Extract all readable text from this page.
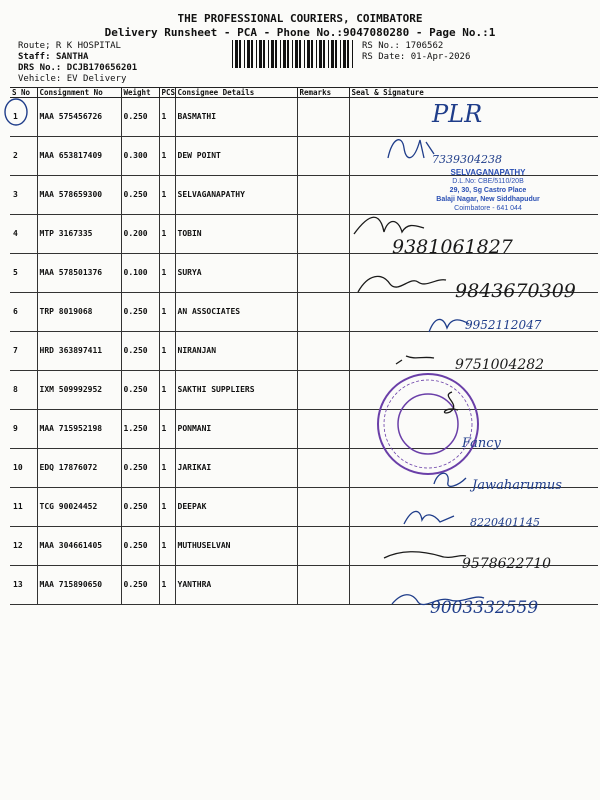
THE PROFESSIONAL COURIERS, COIMBATORE
Delivery Runsheet - PCA - Phone No.:9047080280 - Page No.:1
Route; R K HOSPITAL
Staff: SANTHA
DRS No.: DCJB170656201
Vehicle: EV Delivery
RS No.: 1706562
RS Date: 01-Apr-2026
S No	Consignment No	Weight	PCS	Consignee Details	Remarks	Seal & Signature
1	MAA 575456726	0.250	1	BASMATHI		
2	MAA 653817409	0.300	1	DEW POINT		
3	MAA 578659300	0.250	1	SELVAGANAPATHY		
4	MTP 3167335	0.200	1	TOBIN		
5	MAA 578501376	0.100	1	SURYA		
6	TRP 8019068	0.250	1	AN ASSOCIATES		
7	HRD 363897411	0.250	1	NIRANJAN		
8	IXM 509992952	0.250	1	SAKTHI SUPPLIERS		
9	MAA 715952198	1.250	1	PONMANI		
10	EDQ 17876072	0.250	1	JARIKAI		
11	TCG 90024452	0.250	1	DEEPAK		
12	MAA 304661405	0.250	1	MUTHUSELVAN		
13	MAA 715890650	0.250	1	YANTHRA		
PLR
7339304238
SELVAGANAPATHY
D.L.No: CBE/5110/20B
29, 30, Sg Castro Place
Balaji Nagar, New Siddhapudur
Coimbatore - 641 044
9381061827
9843670309
9952112047
9751004282
Fancy
Jawaharumus
8220401145
9578622710
9003332559
